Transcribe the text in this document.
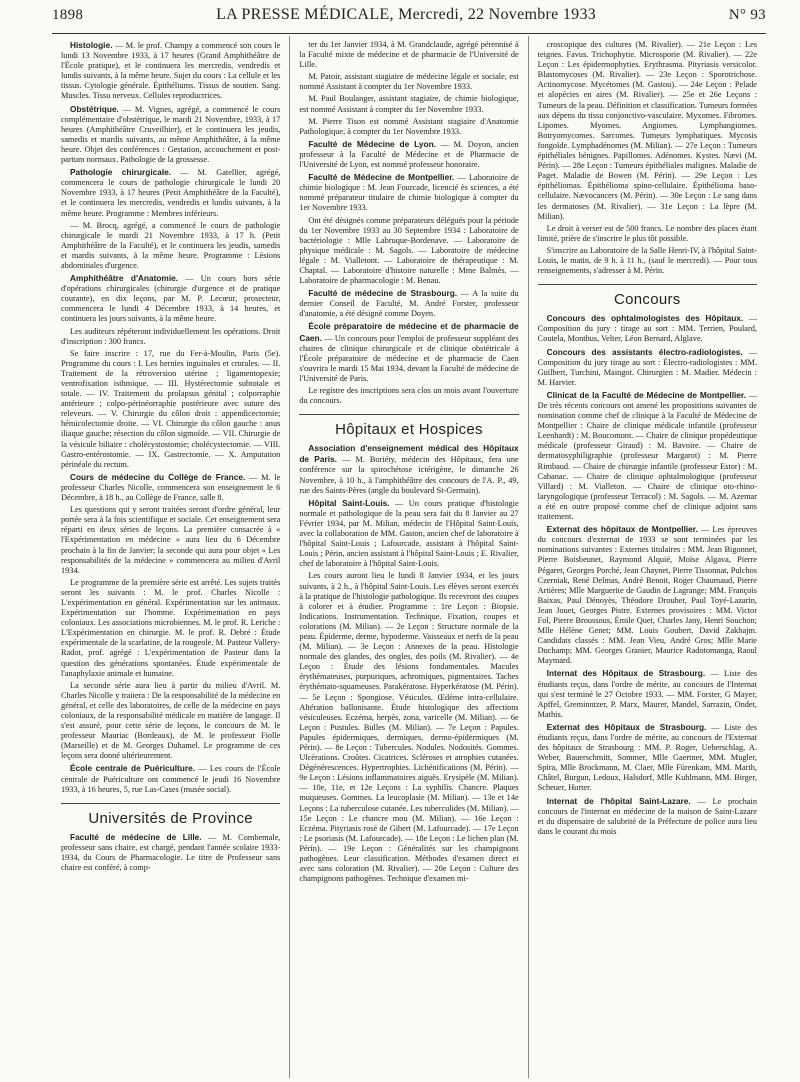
1898	LA PRESSE MÉDICALE, Mercredi, 22 Novembre 1933	N° 93

Histologie. — M. le prof. Champy a commencé son cours le lundi 13 Novembre 1933, à 17 heures (Grand Amphithéâtre de l'École pratique), et le continuera les mercredis, vendredis et lundis suivants, à la même heure. Sujet du cours : La cellule et les tissus. Cytologie générale. Épithéliums. Tissus de soutien. Sang. Muscles. Tissu nerveux. Cellules reproductrices.

Obstétrique. — M. Vignes, agrégé, a commencé le cours complémentaire d'obstétrique, le mardi 21 Novembre, 1933, à 17 heures (Amphithéâtre Cruveilhier), et le continuera les jeudis, samedis et mardis suivants, au même Amphithéâtre, à la même heure. Objet des conférences : Gestation, accouchement et post-partum normaux. Pathologie de la grossesse.

Pathologie chirurgicale. — M. Gatellier, agrégé, commencera le cours de pathologie chirurgicale le lundi 20 Novembre 1933, à 17 heures (Petit Amphithéâtre de la Faculté), et le continuera les mercredis, vendredis et lundis suivants, à la même heure. Programme : Membres inférieurs.

— M. Brocq, agrégé, a commencé le cours de pathologie chirurgicale le mardi 21 Novembre 1933, à 17 h. (Petit Amphithéâtre de la Faculté), et le continuera les jeudis, samedis et mardis suivants, à la même heure. Programme : Lésions abdominales d'urgence.

Amphithéâtre d'Anatomie. — Un cours hors série d'opérations chirurgicales (chirurgie d'urgence et de pratique courante), en dix leçons, par M. P. Lecœur, prosecteur, commencera le lundi 4 Décembre 1933, à 14 heures, et continuera les jours suivants, à la même heure.

Les auditeurs répéteront individuellement les opérations. Droit d'inscription : 300 francs.

Se faire inscrire : 17, rue du Fer-à-Moulin, Paris (5e). Programme du cours : I. Les hernies inguinales et crurales. — II. Traitement de la rétroversion utérine ; ligamentopexie; ventrofixation isthmique. — III. Hystérectomie subtotale et totale. — IV. Traitement du prolapsus génital ; colporraphie antérieure ; colpo-périnéorraphie postérieure avec suture des releveurs. — V. Chirurgie du côlon droit : appendicectomie; hémicolectomie droite. — VI. Chirurgie du côlon gauche : anus iliaque gauche; résection du côlon sigmoïde. — VII. Chirurgie de la vésicule biliaire : cholécystostomie; cholécystectomie. — VIII. Gastro-entérostomie. — IX. Gastrectomie. — X. Amputation périnéale du rectum.

Cours de médecine du Collège de France. — M. le professeur Charles Nicolle, commencera son enseignement le 6 Décembre, à 18 h., au Collège de France, salle 8.

Les questions qui y seront traitées seront d'ordre général, leur portée sera à la fois scientifique et sociale. Cet enseignement sera réparti en deux séries de leçons. La première consacrée à « l'Expérimentation en médecine » aura lieu du 6 Décembre prochain à la fin de Janvier; la seconde qui aura pour objet « Les responsabilités de la médecine » commencera au milieu d'Avril 1934.

Le programme de la première série est arrêté. Les sujets traités seront les suivants : M. le prof. Charles Nicolle : L'expérimentation en général. Expérimentation sur les animaux. Expérimentation sur l'homme. Expérimentation en pays coloniaux. Les associations microbiennes. M. le prof. R. Leriche : L'Expérimentation en chirurgie. M. le prof. R. Debré : Étude expérimentale de la scarlatine, de la rougeole. M. Pasteur Vallery-Radot, prof. agrégé : L'expérimentation de Pasteur dans la question des générations spontanées. Étude expérimentale de l'anaphylaxie animale et humaine.

La seconde série aura lieu à partir du milieu d'Avril. M. Charles Nicolle y traitera : De la responsabilité de la médecine en général, et celle des laboratoires, de celle de la médecine en pays coloniaux, de la responsabilité médicale en matière de langage. Il s'est assuré, pour cette série de leçons, le concours de M. le professeur Mauriac (Bordeaux), de M. le professeur Fiolle (Marseille) et de M. Georges Duhamel. Le programme de ces leçons sera donné ultérieurement.

École centrale de Puériculture. — Les cours de l'École centrale de Puériculture ont commencé le jeudi 16 Novembre 1933, à 16 heures, 5, rue Las-Cases (musée social).

Universités de Province

Faculté de médecine de Lille. — M. Combemale, professeur sans chaire, est chargé, pendant l'année scolaire 1933-1934, du Cours de Pharmacologie. Le titre de Professeur sans chaire est conféré, à comp-

ter du 1er Janvier 1934, à M. Grandclaude, agrégé pérennisé à la Faculté mixte de médecine et de pharmacie de l'Université de Lille.

M. Patoir, assistant stagiaire de médecine légale et sociale, est nommé Assistant à compter du 1er Novembre 1933.

M. Paul Boulanger, assistant stagiaire, de chimie biologique, est nommé Assistant à compter du 1er Novembre 1933.

M. Pierre Tison est nommé Assistant stagiaire d'Anatomie Pathologique, à compter du 1er Novembre 1933.

Faculté de Médecine de Lyon. — M. Doyon, ancien professeur à la Faculté de Médecine et de Pharmacie de l'Université de Lyon, est nommé professeur honoraire.

Faculté de Médecine de Montpellier. — Laboratoire de chimie biologique : M. Jean Fourcade, licencié ès sciences, a été nommé préparateur titulaire de chimie biologique à compter du 1er Novembre 1933.

Ont été désignés comme préparateurs délégués pour la période du 1er Novembre 1933 au 30 Septembre 1934 : Laboratoire de bactériologie : Mlle Labruque-Bordenave. — Laboratoire de physique médicale : M. Sagols. — Laboratoire de médecine légale : M. Vialletont. — Laboratoire de thérapeutique : M. Chaptal. — Laboratoire d'histoire naturelle : Mme Balmès. — Laboratoire de pharmacologie : M. Benau.

Faculté de médecine de Strasbourg. — A la suite du dernier Conseil de Faculté, M. André Forster, professeur d'anatomie, a été désigné comme Doyen.

École préparatoire de médecine et de pharmacie de Caen. — Un concours pour l'emploi de professeur suppléant des chaires de clinique chirurgicale et de clinique obstétricale à l'École préparatoire de médecine et de pharmacie de Caen s'ouvrira le mardi 15 Mai 1934, devant la Faculté de médecine de l'Université de Paris.

Le registre des inscriptions sera clos un mois avant l'ouverture du concours.

Hôpitaux et Hospices

Association d'enseignement médical des Hôpitaux de Paris. — M. Boriéty, médecin des Hôpitaux, fera une conférence sur la spirochétose ictérigène, le dimanche 26 Novembre, à 10 h., à l'amphithéâtre des concours de l'A. P., 49, rue des Saints-Pères (angle du boulevard St-Germain).

Hôpital Saint-Louis. — Un cours pratique d'histologie normale et pathologique de la peau sera fait du 8 Janvier au 27 Février 1934, par M. Milian, médecin de l'Hôpital Saint-Louis, avec la collaboration de MM. Gaston, ancien chef de laboratoire à l'hôpital Saint-Louis ; Lafourcade, assistant à l'hôpital Saint-Louis ; Périn, ancien assistant à l'hôpital Saint-Louis ; E. Rivalier, chef de laboratoire à l'hôpital Saint-Louis.

Les cours auront lieu le lundi 8 Janvier 1934, et les jours suivants, à 2 h., à l'hôpital Saint-Louis. Les élèves seront exercés à la pratique de l'histologie pathologique. Ils recevront des coupes à colorer et à étudier. Programme : 1re Leçon : Biopsie. Indications. Instrumentation. Technique. Fixation, coupes et colorations (M. Milian). — 2e Leçon : Structure normale de la peau. Épiderme, derme, hypoderme. Vaisseaux et nerfs de la peau (M. Milian). — 3e Leçon : Annexes de la peau. Histologie normale des glandes, des ongles, des poils (M. Rivalier). — 4e Leçon : Étude des lésions fondamentales. Macules érythémateuses, purpuriques, achromiques, pigmentaires. Taches érythémato-squameuses. Parakératose. Hyperkératose (M. Périn). — 5e Leçon : Spongiose. Vésicules. Œdème intra-cellulaire. Altération ballonisante. Étude histologique des affections vésiculeuses. Eczéma, herpès, zona, varicelle (M. Milian). — 6e Leçon : Pustules. Bulles (M. Milian). — 7e Leçon : Papules. Papules épidermiques, dermiques, dermo-épidermiques (M. Périn). — 8e Leçon : Tubercules. Nodules. Nodosités. Gommes. Ulcérations. Croûtes. Cicatrices. Scléroses et atrophies cutanées. Dégénérescences. Hypertrophies. Lichénifications (M. Périn). — 9e Leçon : Lésions inflammatoires aiguës. Erysipèle (M. Milian). — 10e, 11e, et 12e Leçons : La syphilis. Chancre. Plaques muqueuses. Gommes. La leucoplasie (M. Milian). — 13e et 14e Leçons : La tuberculose cutanée. Les tuberculides (M. Milian). — 15e Leçon : Le chancre mou (M. Milian). — 16e Leçon : Eczéma. Pityriasis rosé de Gibert (M. Lafourcade). — 17e Leçon : Le psoriasis (M. Lafourcade). — 18e Leçon : Le lichen plan (M. Périn). — 19e Leçon : Généralités sur les champignons pathogènes. Leur classification. Méthodes d'examen direct et avec sans coloration (M. Rivalier). — 20e Leçon : Culture des champignons pathogènes. Technique d'examen mi-

croscopique des cultures (M. Rivalier). — 21e Leçon : Les teignes. Favus. Trichophytie. Microsporie (M. Rivalier). — 22e Leçon : Les épidermophyties. Erythrasma. Pityriasis versicolor. Blastomycoses (M. Rivalier). — 23e Leçon : Sporotrichose. Actinomycose. Mycétomes (M. Gastou). — 24e Leçon : Pelade et alopécies en aires (M. Rivalier). — 25e et 26e Leçons : Tumeurs de la peau. Définition et classification. Tumeurs formées aux dépens du tissu conjonctivo-vasculaire. Myxomes. Fibromes. Lipomes. Myomes. Angiomes. Lymphangiomes. Botryomycomes. Sarcomes. Tumeurs lymphatiques. Mycosis fongoïde. Lymphadénomes (M. Milian). — 27e Leçon : Tumeurs épithéliales bénignes. Papillomes. Adénomes. Kystes. Nævi (M. Périn). — 28e Leçon : Tumeurs épithéliales malignes. Maladie de Paget. Maladie de Bowen (M. Périn). — 29e Leçon : Les épithéliomas. Épithélioma spino-cellulaire. Épithélioma baso-cellulaire. Nævocancers (M. Périn). — 30e Leçon : Le sang dans les dermatoses (M. Rivalier). — 31e Leçon : La lèpre (M. Milian).

Le droit à verser est de 500 francs. Le nombre des places étant limité, prière de s'inscrire le plus tôt possible.

S'inscrire au Laboratoire de la Salle Henri-IV, à l'hôpital Saint-Louis, le matin, de 9 h. à 11 h., (sauf le mercredi). — Pour tous renseignements, s'adresser à M. Périn.

Concours

Concours des ophtalmologistes des Hôpitaux. — Composition du jury : tirage au sort : MM. Terrien, Poulard, Coutela, Monthus, Velter, Léon Bernard, Alglave.

Concours des assistants électro-radiologistes. — Composition du jury tirage au sort : Électro-radiologistes : MM. Guilbert, Turchini, Maingot. Chirurgien : M. Madier. Médecin : M. Harvier.

Clinicat de la Faculté de Médecine de Montpellier. — De très récents concours ont amené les propositions suivantes de nomination comme chef de clinique à la Faculté de Médecine de Montpellier : Chaire de clinique médicale infantile (professeur Leenhardt) : M. Boucomont. — Chaire de clinique propédeutique médicale (professeur Giraud) : M. Bavoire. — Chaire de dermatosyphiligraphie (professeur Margarot) : M. Pierre Rimbaud. — Chaire de chirurgie infantile (professeur Estor) : M. Cabanac. — Chaire de clinique ophtalmologique (professeur Villard) : M. Vialleton. — Chaire de clinique oto-rhino-laryngologique (professeur Terracol) : M. Sagols. — M. Azemar a été en outre proposé comme chef de clinique adjoint sans traitement.

Externat des hôpitaux de Montpellier. — Les épreuves du concours d'externat de 1933 se sont terminées par les nominations suivantes : Externes titulaires : MM. Jean Bigonnet, Pierre Boisbeunet, Raymond Alquié, Moïse Algava, Pierre Pégaret, Georges Porché, Jean Chaynet, Pierre Tissonnat, Pulchos Czerniak, René Delmas, André Benoit, Roger Chaumaud, Pierre Artières; Mlle Marguerite de Gaudin de Lagrange; MM. François Baixas, Paul Dénoyès, Théodore Drouhet, Paul Toyé-Lazarin, Jean Jouet, Georges Pistre. Externes provisoires : MM. Victor Fol, Pierre Broussous, Émile Quet, Charles Jany, Henri Souchon; Mlle Hélène Genet; MM. Louis Goubert, David Zakhajm. Candidats classés : MM. Jean Vieu, André Gros; Mlle Marie Duchamp; MM. Georges Granier, Maurice Radotomanga, Raoul Maymard.

Internat des Hôpitaux de Strasbourg. — Liste des étudiants reçus, dans l'ordre de mérite, au concours de l'Internat qui s'est terminé le 27 Octobre 1933. — MM. Forster, G Mayer, Apffel, Greminntzer, P. Marx, Maurer, Mandel, Sarrazin, Ondet, Mathis.

Externat des Hôpitaux de Strasbourg. — Liste des étudiants reçus, dans l'ordre de mérite, au concours de l'Externat des hôpitaux de Strasbourg : MM. P. Roger, Ueberschlag, A. Weber, Bauerschmitt, Sommer, Mlle Gaertner, MM. Mugler, Spira, Mlle Brockmann, M. Claer, Mlle Fürenkam, MM. Marth, Châtel, Burgun, Ledoux, Halsdorf, Mlle Kuhlmann, MM. Birger, Scheuer, Hurter.

Internat de l'hôpital Saint-Lazare. — Le prochain concours de l'internat en médecine de la maison de Saint-Lazare et du dispensaire de salubrité de la Préfecture de police aura lieu dans le courant du mois
